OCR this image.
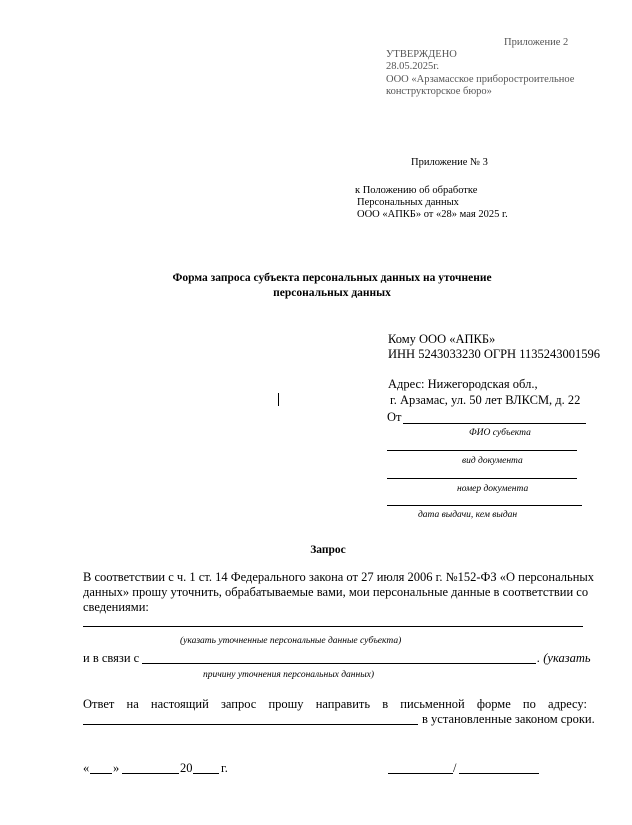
Приложение 2
УТВЕРЖДЕНО
28.05.2025г.
ООО «Арзамасское приборостроительное
конструкторское бюро»
Приложение № 3
к Положению об обработке
Персональных данных
ООО «АПКБ» от «28» мая 2025 г.
Форма запроса субъекта персональных данных на уточнение
персональных данных
Кому ООО «АПКБ»
ИНН 5243033230 ОГРН 1135243001596
Адрес: Нижегородская обл.,
г. Арзамас, ул. 50 лет ВЛКСМ, д. 22
От
ФИО субъекта
вид документа
номер документа
дата выдачи, кем выдан
Запрос
В соответствии с ч. 1 ст. 14 Федерального закона от 27 июля 2006 г. №152-ФЗ «О персональных
данных» прошу уточнить, обрабатываемые вами, мои персональные данные в соответствии со
сведениями:
(указать уточненные персональные данные субъекта)
и в связи с	. (указать
причину уточнения персональных данных)
Ответ на настоящий запрос прошу направить в письменной форме по адресу:
в установленные законом сроки.
« »	20 г.	/
